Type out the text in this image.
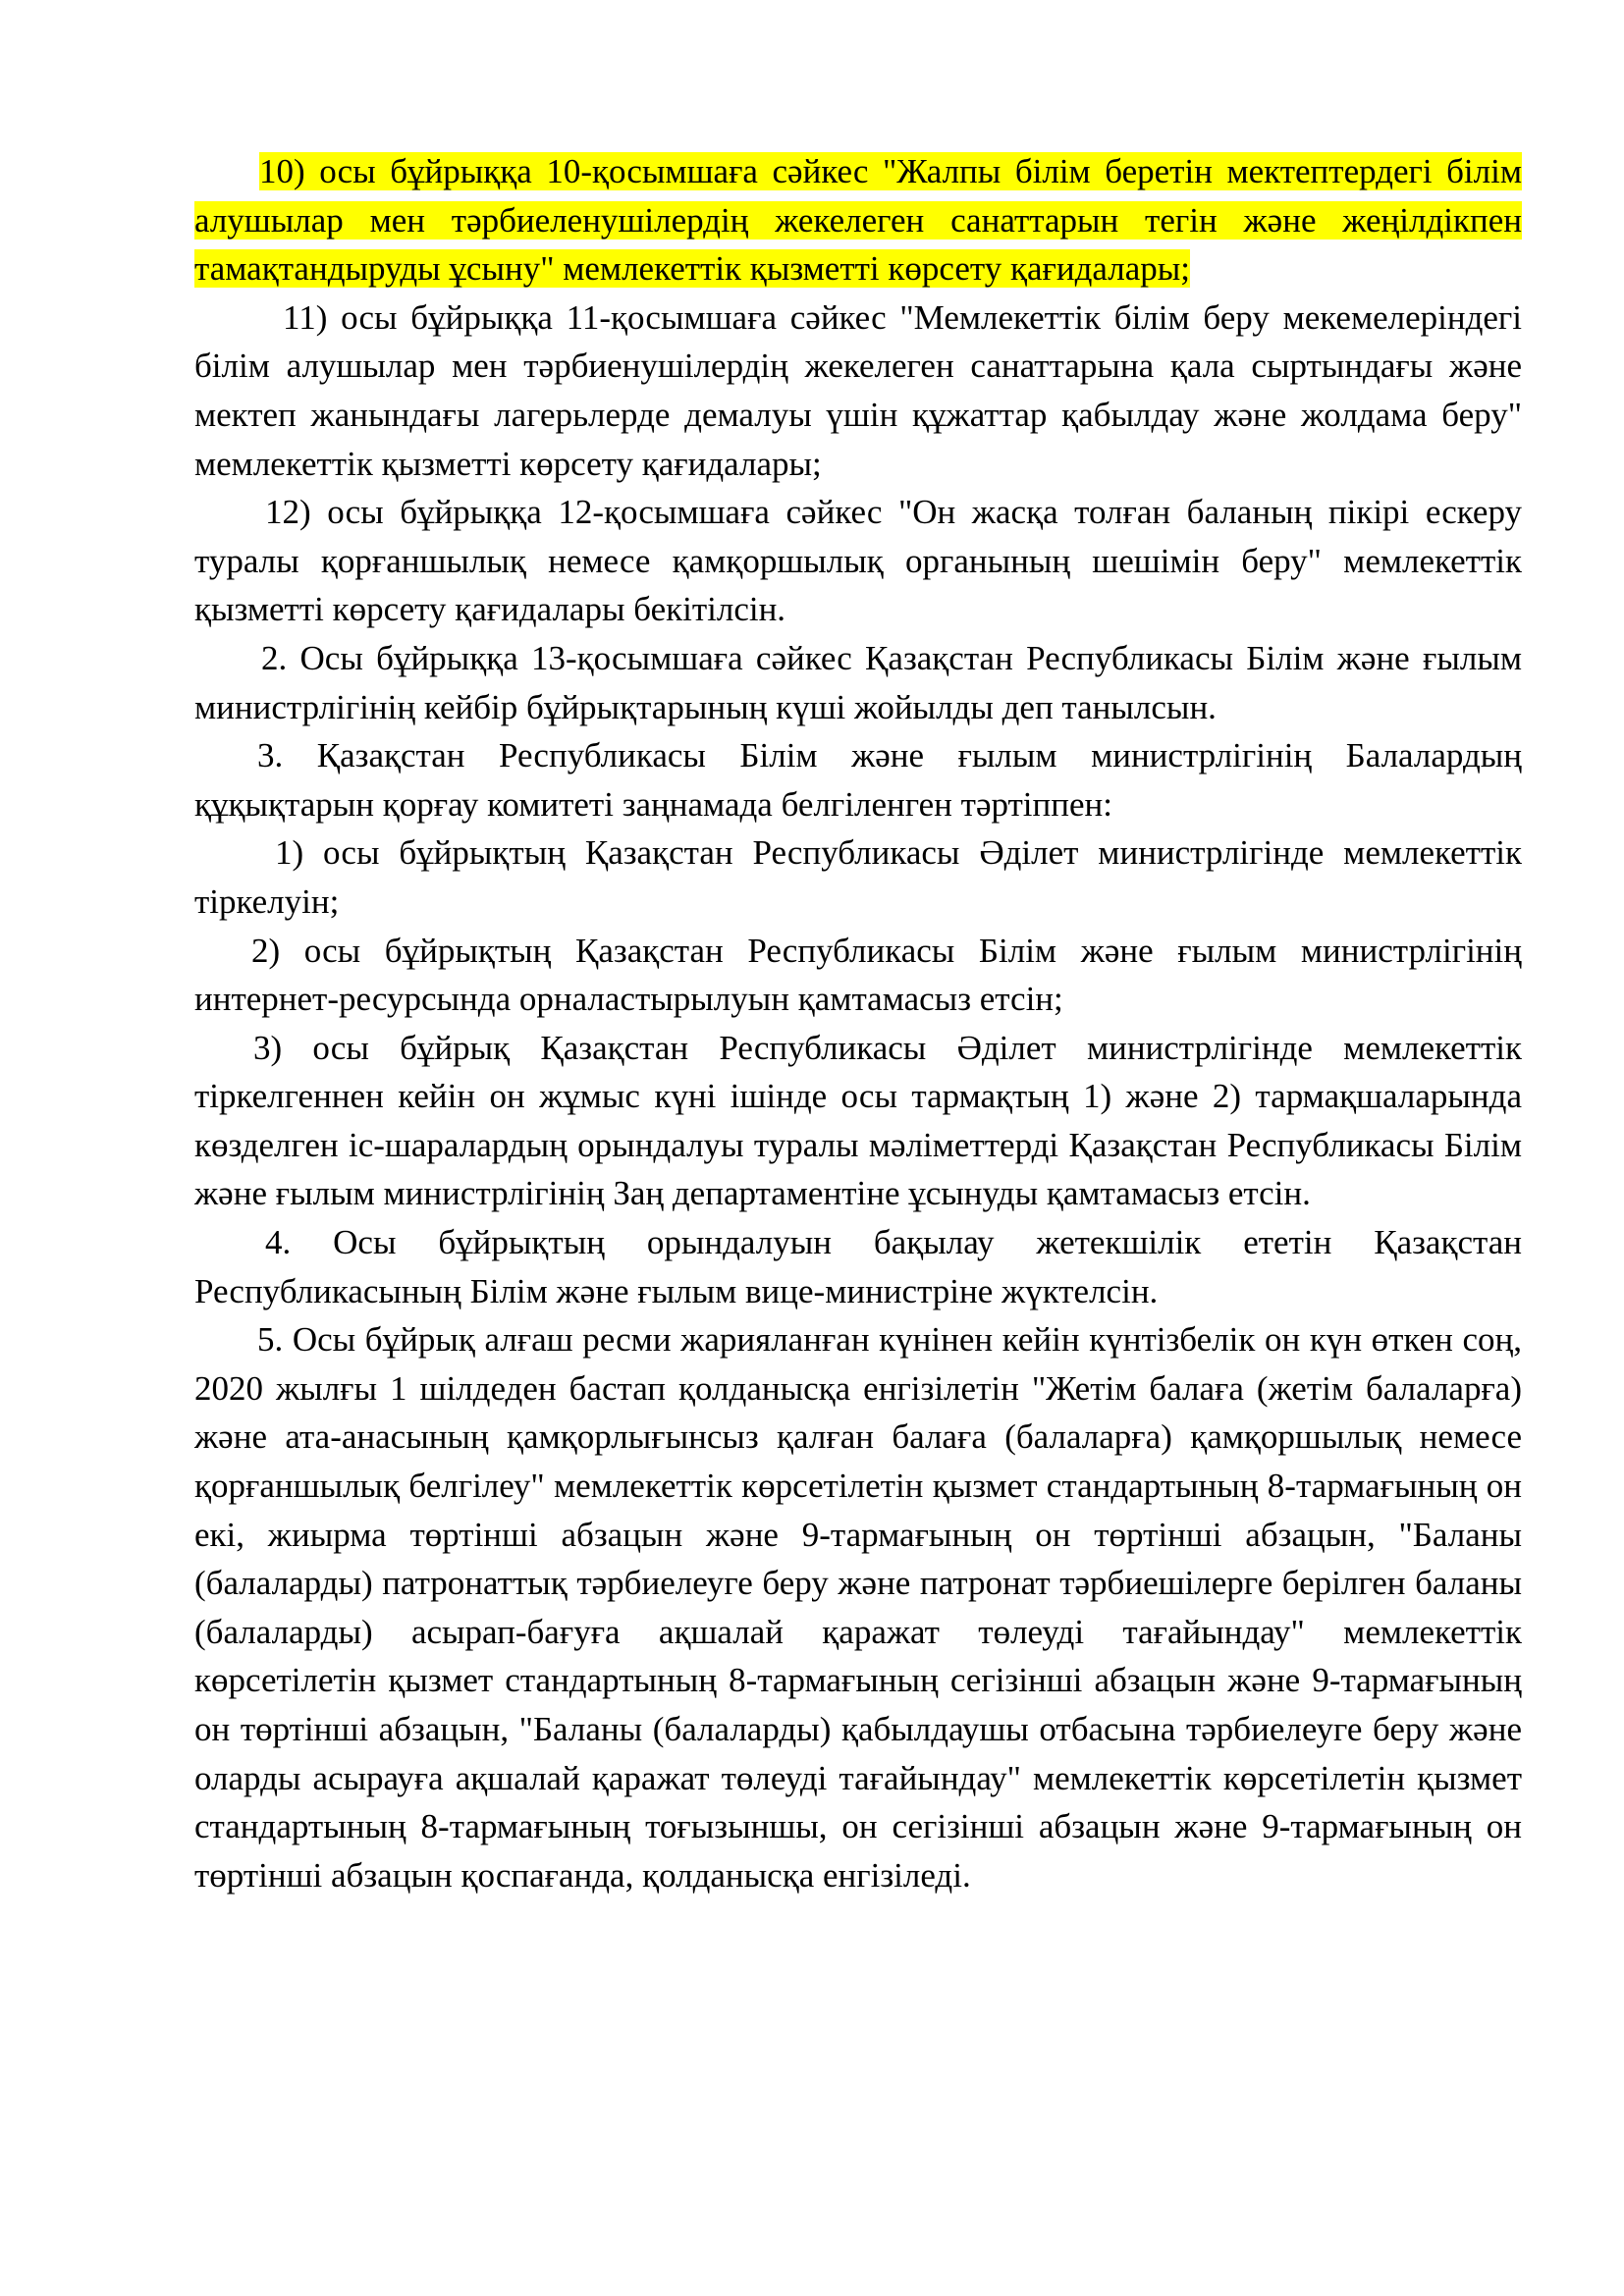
10) осы бұйрыққа 10-қосымшаға сәйкес "Жалпы білім беретін мектептердегі білім алушылар мен тәрбиеленушілердің жекелеген санаттарын тегін және жеңілдікпен тамақтандыруды ұсыну" мемлекеттік қызметті көрсету қағидалары;

11) осы бұйрыққа 11-қосымшаға сәйкес "Мемлекеттік білім беру мекемелеріндегі білім алушылар мен тәрбиенушілердің жекелеген санаттарына қала сыртындағы және мектеп жанындағы лагерьлерде демалуы үшін құжаттар қабылдау және жолдама беру" мемлекеттік қызметті көрсету қағидалары;

12) осы бұйрыққа 12-қосымшаға сәйкес "Он жасқа толған баланың пікірі ескеру туралы қорғаншылық немесе қамқоршылық органының шешімін беру" мемлекеттік қызметті көрсету қағидалары бекітілсін.

2. Осы бұйрыққа 13-қосымшаға сәйкес Қазақстан Республикасы Білім және ғылым министрлігінің кейбір бұйрықтарының күші жойылды деп танылсын.

3. Қазақстан Республикасы Білім және ғылым министрлігінің Балалардың құқықтарын қорғау комитеті заңнамада белгіленген тәртіппен:

1) осы бұйрықтың Қазақстан Республикасы Әділет министрлігінде мемлекеттік тіркелуін;

2) осы бұйрықтың Қазақстан Республикасы Білім және ғылым министрлігінің интернет-ресурсында орналастырылуын қамтамасыз етсін;

3) осы бұйрық Қазақстан Республикасы Әділет министрлігінде мемлекеттік тіркелгеннен кейін он жұмыс күні ішінде осы тармақтың 1) және 2) тармақшаларында көзделген іс-шаралардың орындалуы туралы мәліметтерді Қазақстан Республикасы Білім және ғылым министрлігінің Заң департаментіне ұсынуды қамтамасыз етсін.

4. Осы бұйрықтың орындалуын бақылау жетекшілік ететін Қазақстан Республикасының Білім және ғылым вице-министріне жүктелсін.

5. Осы бұйрық алғаш ресми жарияланған күнінен кейін күнтізбелік он күн өткен соң, 2020 жылғы 1 шілдеден бастап қолданысқа енгізілетін "Жетім балаға (жетім балаларға) және ата-анасының қамқорлығынсыз қалған балаға (балаларға) қамқоршылық немесе қорғаншылық белгілеу" мемлекеттік көрсетілетін қызмет стандартының 8-тармағының он екі, жиырма төртінші абзацын және 9-тармағының он төртінші абзацын, "Баланы (балаларды) патронаттық тәрбиелеуге беру және патронат тәрбиешілерге берілген баланы (балаларды) асырап-бағуға ақшалай қаражат төлеуді тағайындау" мемлекеттік көрсетілетін қызмет стандартының 8-тармағының сегізінші абзацын және 9-тармағының он төртінші абзацын, "Баланы (балаларды) қабылдаушы отбасына тәрбиелеуге беру және оларды асырауға ақшалай қаражат төлеуді тағайындау" мемлекеттік көрсетілетін қызмет стандартының 8-тармағының тоғызыншы, он сегізінші абзацын және 9-тармағының он төртінші абзацын қоспағанда, қолданысқа енгізіледі.
